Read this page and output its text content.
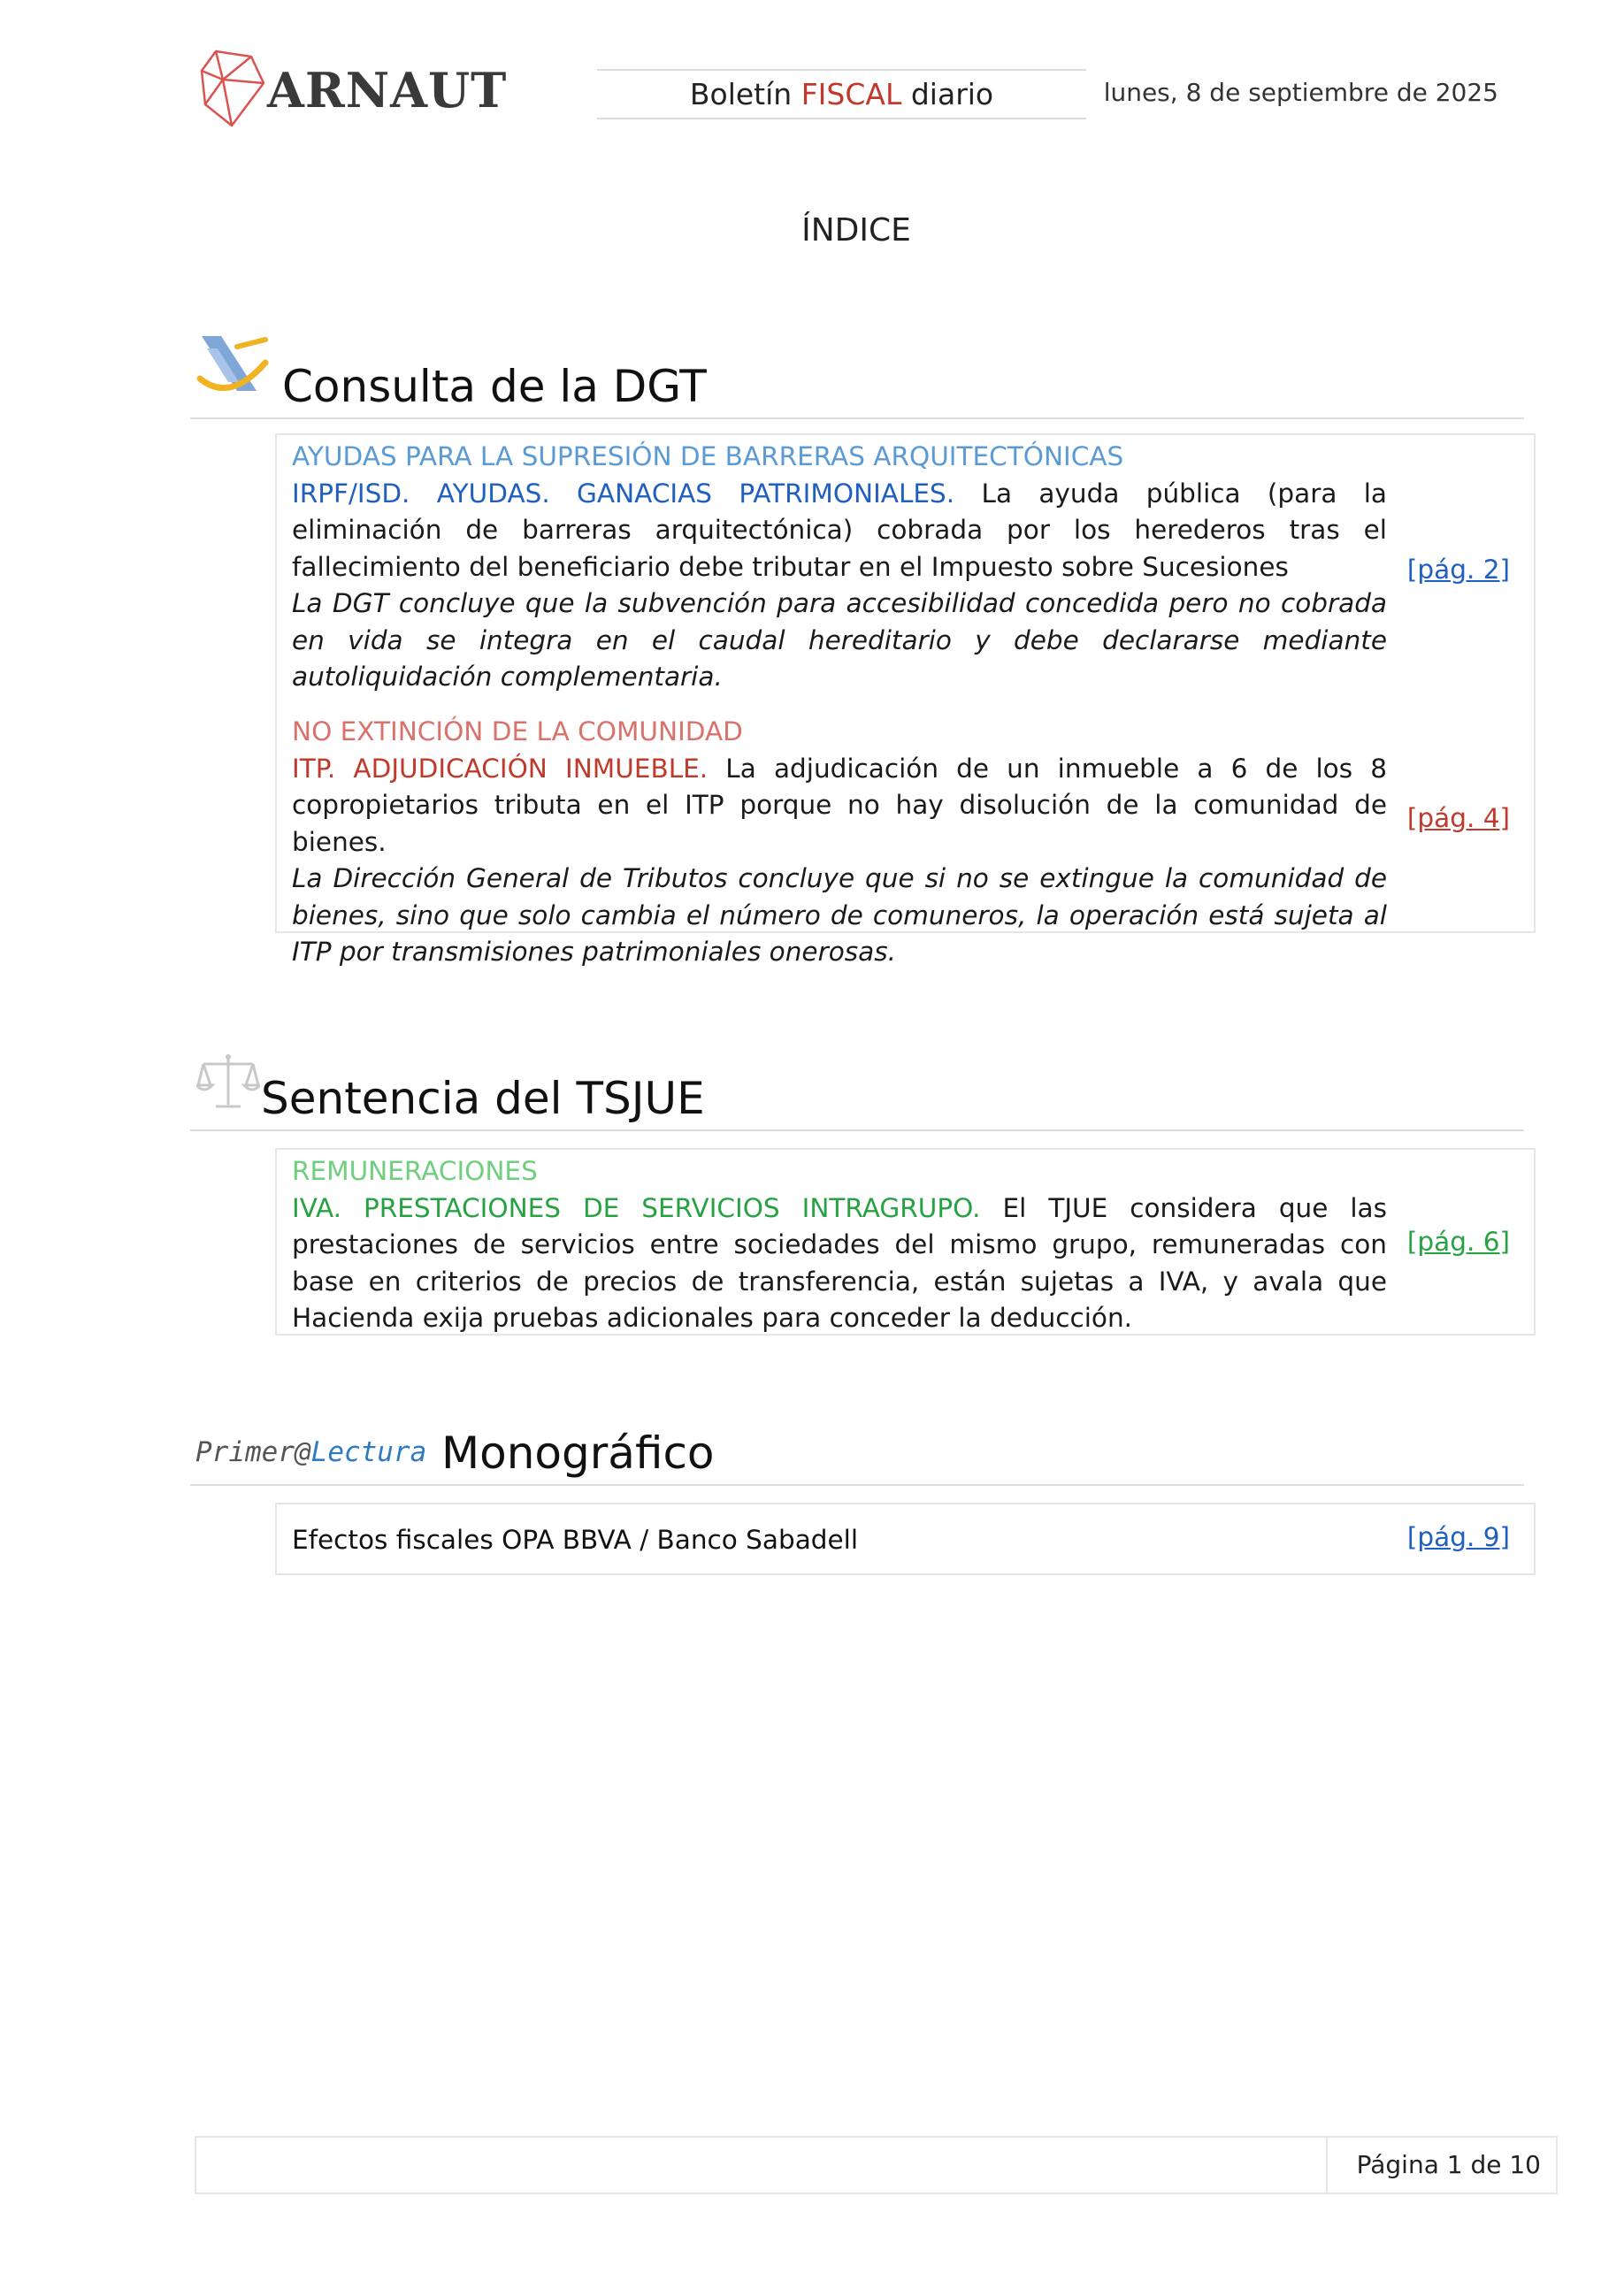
ARNAUT	Boletín FISCAL diario	lunes, 8 de septiembre de 2025
ÍNDICE
Consulta de la DGT

AYUDAS PARA LA SUPRESIÓN DE BARRERAS ARQUITECTÓNICAS
IRPF/ISD. AYUDAS. GANACIAS PATRIMONIALES. La ayuda pública (para la eliminación de barreras arquitectónica) cobrada por los herederos tras el fallecimiento del beneficiario debe tributar en el Impuesto sobre Sucesiones

La DGT concluye que la subvención para accesibilidad concedida pero no cobrada en vida se integra en el caudal hereditario y debe declararse mediante autoliquidación complementaria.

[pág. 2]

NO EXTINCIÓN DE LA COMUNIDAD
ITP. ADJUDICACIÓN INMUEBLE. La adjudicación de un inmueble a 6 de los 8 copropietarios tributa en el ITP porque no hay disolución de la comunidad de bienes.

La Dirección General de Tributos concluye que si no se extingue la comunidad de bienes, sino que solo cambia el número de comuneros, la operación está sujeta al ITP por transmisiones patrimoniales onerosas.

[pág. 4]
Sentencia del TSJUE

REMUNERACIONES
IVA. PRESTACIONES DE SERVICIOS INTRAGRUPO. El TJUE considera que las prestaciones de servicios entre sociedades del mismo grupo, remuneradas con base en criterios de precios de transferencia, están sujetas a IVA, y avala que Hacienda exija pruebas adicionales para conceder la deducción.

[pág. 6]
Primer@Lectura Monográfico

Efectos fiscales OPA BBVA / Banco Sabadell	[pág. 9]
Página 1 de 10
